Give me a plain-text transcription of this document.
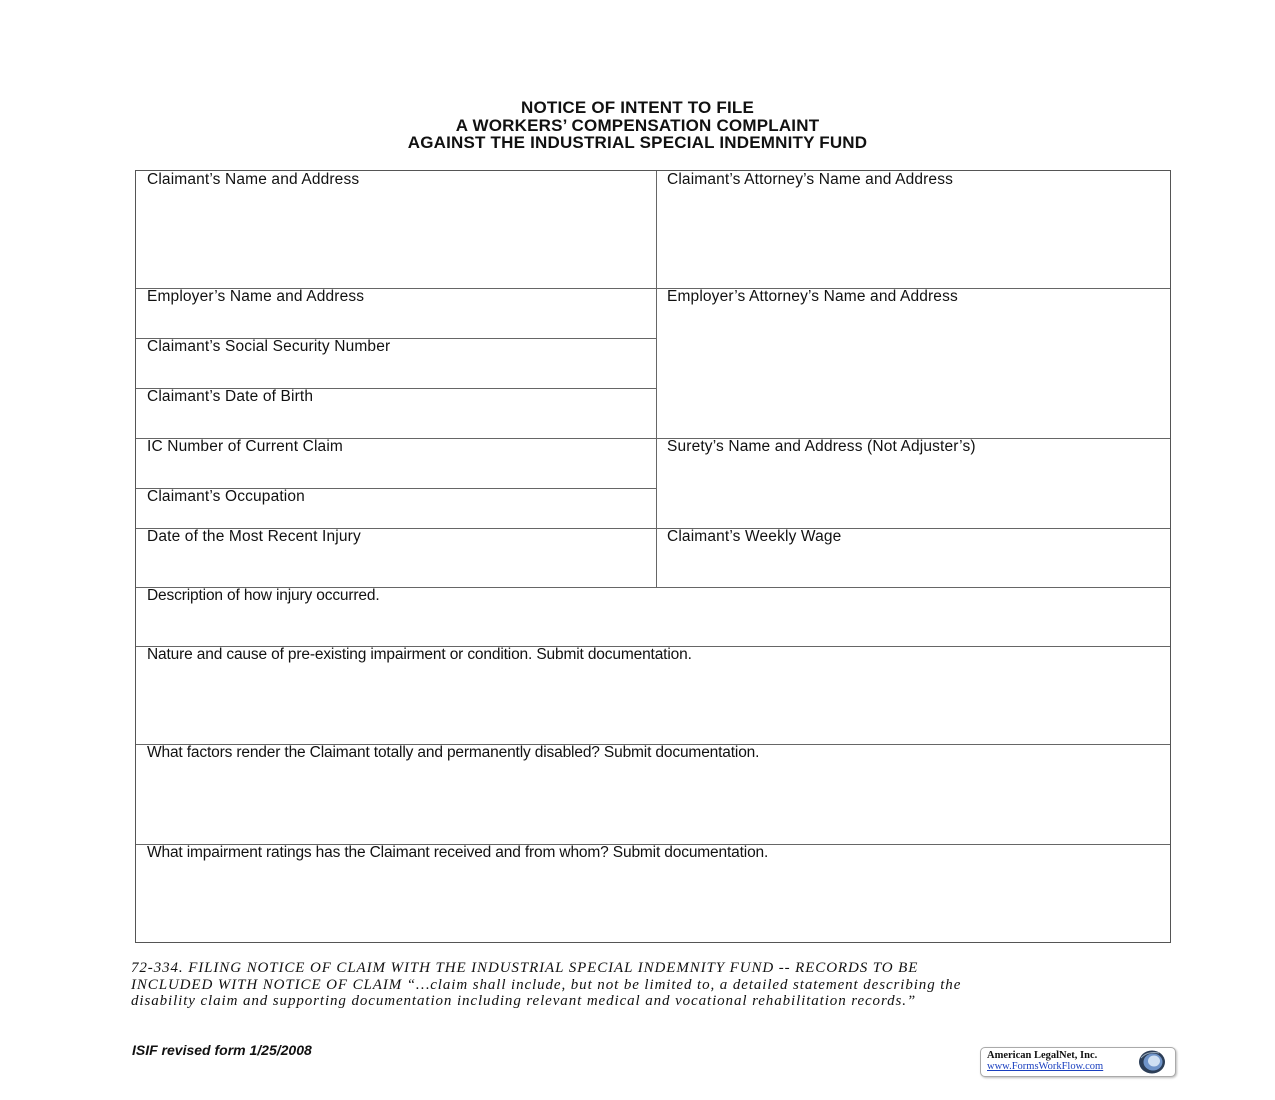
NOTICE OF INTENT TO FILE
A WORKERS’ COMPENSATION COMPLAINT
AGAINST THE INDUSTRIAL SPECIAL INDEMNITY FUND
Claimant’s Name and Address	Claimant’s Attorney’s Name and Address
Employer’s Name and Address	Employer’s Attorney’s Name and Address
Claimant’s Social Security Number
Claimant’s Date of Birth
IC Number of Current Claim	Surety’s Name and Address (Not Adjuster’s)
Claimant’s Occupation
Date of the Most Recent Injury	Claimant’s Weekly Wage
Description of how injury occurred.
Nature and cause of pre-existing impairment or condition. Submit documentation.
What factors render the Claimant totally and permanently disabled? Submit documentation.
What impairment ratings has the Claimant received and from whom? Submit documentation.
72-334. FILING NOTICE OF CLAIM WITH THE INDUSTRIAL SPECIAL INDEMNITY FUND -- RECORDS TO BE
INCLUDED WITH NOTICE OF CLAIM “…claim shall include, but not be limited to, a detailed statement describing the
disability claim and supporting documentation including relevant medical and vocational rehabilitation records.”
ISIF revised form 1/25/2008	American LegalNet, Inc.
www.FormsWorkFlow.com
